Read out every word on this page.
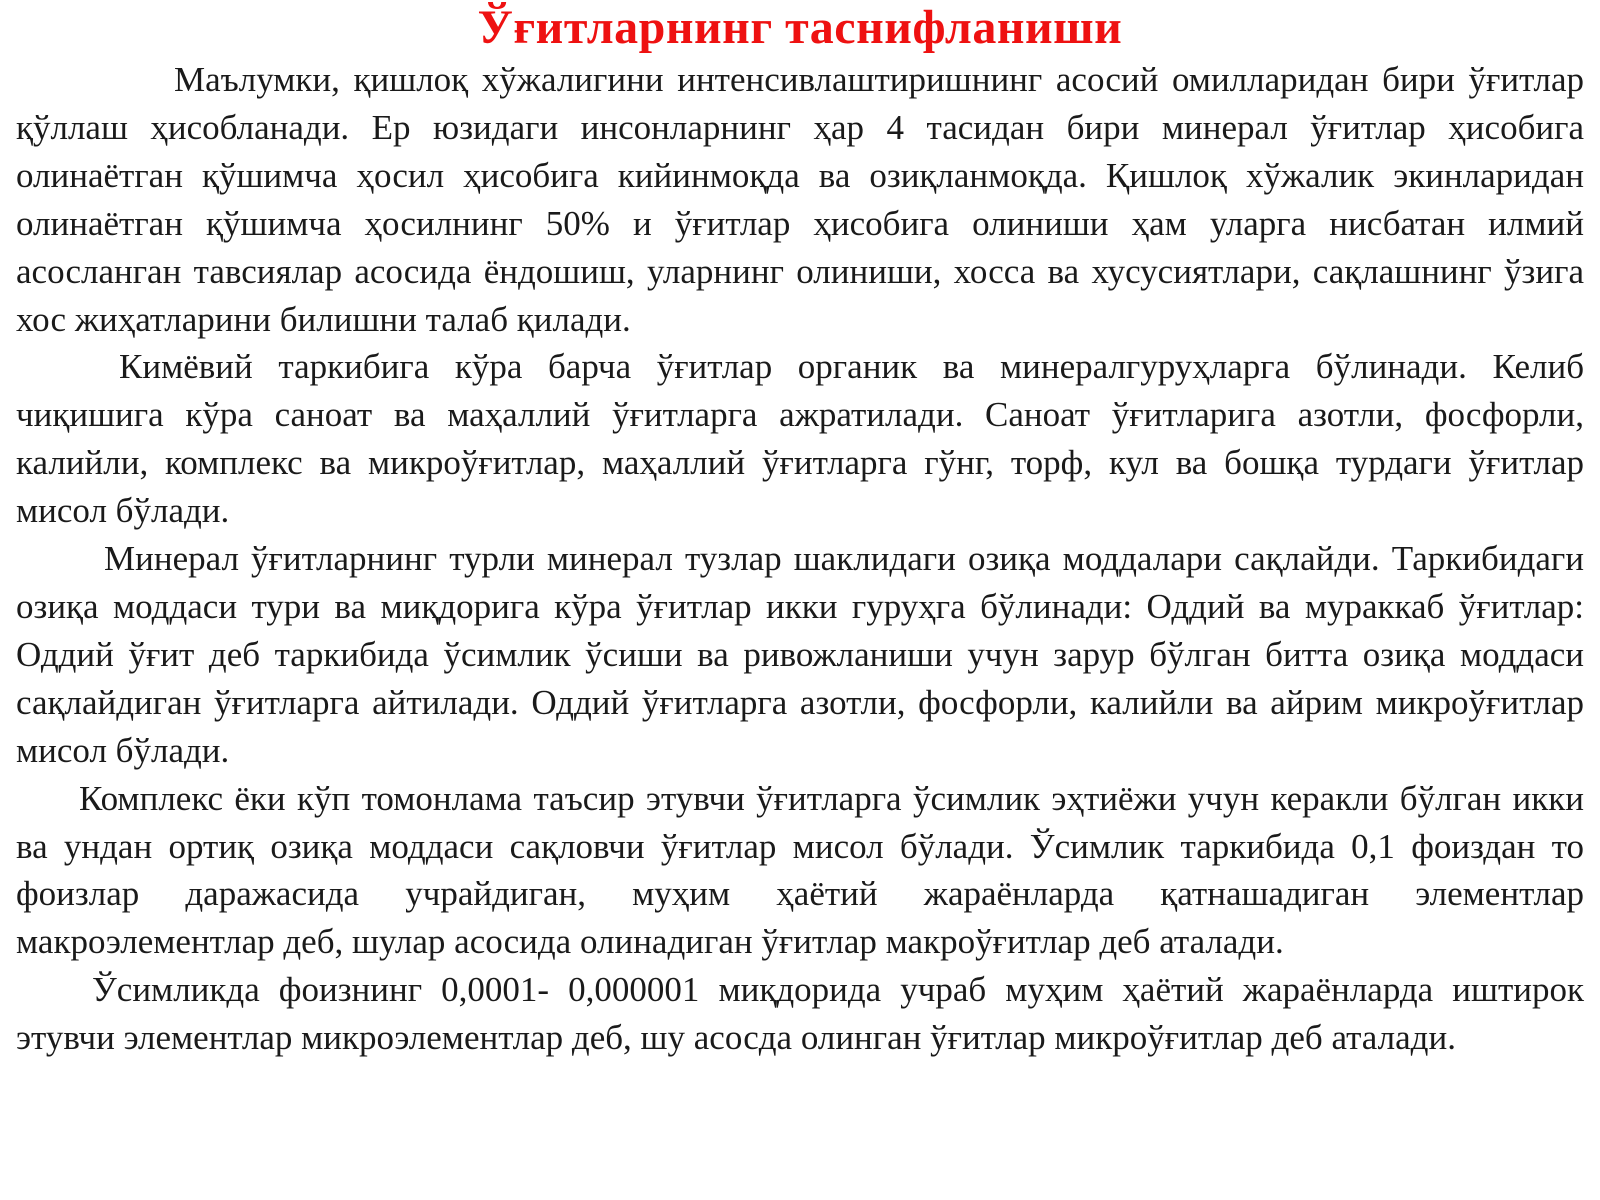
Ўғитларнинг таснифланиши

Маълумки, қишлоқ хўжалигини интенсивлаштиришнинг асосий омилларидан бири ўғитлар қўллаш ҳисобланади. Ер юзидаги инсонларнинг ҳар 4 тасидан бири минерал ўғитлар ҳисобига олинаётган қўшимча ҳосил ҳисобига кийинмоқда ва озиқланмоқда. Қишлоқ хўжалик экинларидан олинаётган қўшимча ҳосилнинг 50% и ўғитлар ҳисобига олиниши ҳам уларга нисбатан илмий асосланган тавсиялар асосида ёндошиш, уларнинг олиниши, хосса ва хусусиятлари, сақлашнинг ўзига хос жиҳатларини билишни талаб қилади.

Кимёвий таркибига кўра барча ўғитлар органик ва минералгуруҳларга бўлинади. Келиб чиқишига кўра саноат ва маҳаллий ўғитларга ажратилади. Саноат ўғитларига азотли, фосфорли, калийли, комплекс ва микроўғитлар, маҳаллий ўғитларга гўнг, торф, кул ва бошқа турдаги ўғитлар мисол бўлади.

Минерал ўғитларнинг турли минерал тузлар шаклидаги озиқа моддалари сақлайди. Таркибидаги озиқа моддаси тури ва миқдорига кўра ўғитлар икки гуруҳга бўлинади: Оддий ва мураккаб ўғитлар: Оддий ўғит деб таркибида ўсимлик ўсиши ва ривожланиши учун зарур бўлган битта озиқа моддаси сақлайдиган ўғитларга айтилади. Оддий ўғитларга азотли, фосфорли, калийли ва айрим микроўғитлар мисол бўлади.

Комплекс ёки кўп томонлама таъсир этувчи ўғитларга ўсимлик эҳтиёжи учун керакли бўлган икки ва ундан ортиқ озиқа моддаси сақловчи ўғитлар мисол бўлади. Ўсимлик таркибида 0,1 фоиздан то фоизлар даражасида учрайдиган, муҳим ҳаётий жараёнларда қатнашадиган элементлар макроэлементлар деб, шулар асосида олинадиган ўғитлар макроўғитлар деб аталади.

Ўсимликда фоизнинг 0,0001- 0,000001 миқдорида учраб муҳим ҳаётий жараёнларда иштирок этувчи элементлар микроэлементлар деб, шу асосда олинган ўғитлар микроўғитлар деб аталади.
